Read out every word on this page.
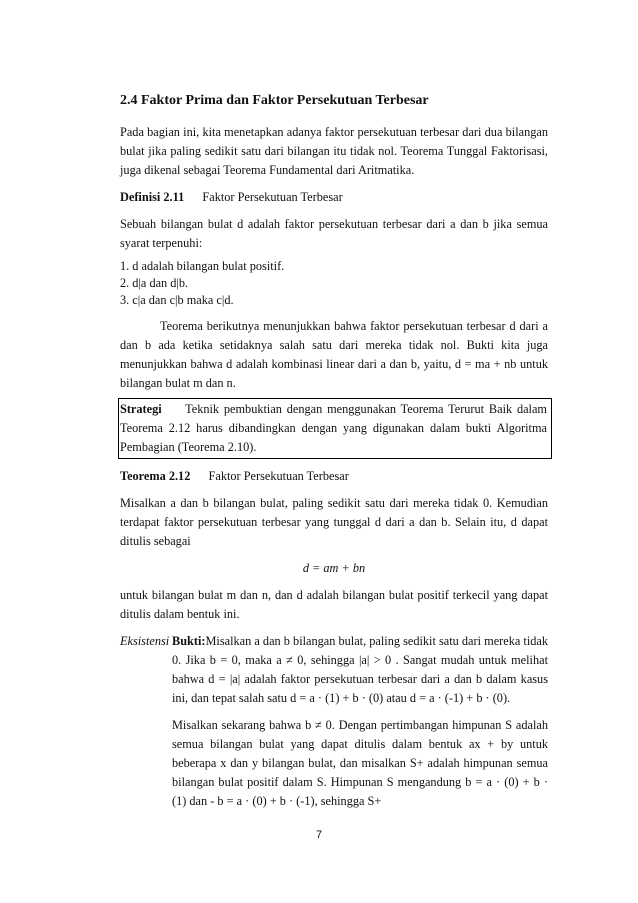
2.4 Faktor Prima dan Faktor Persekutuan Terbesar

Pada bagian ini, kita menetapkan adanya faktor persekutuan terbesar dari dua bilangan bulat jika paling sedikit satu dari bilangan itu tidak nol. Teorema Tunggal Faktorisasi, juga dikenal sebagai Teorema Fundamental dari Aritmatika.

Definisi 2.11 Faktor Persekutuan Terbesar

Sebuah bilangan bulat d adalah faktor persekutuan terbesar dari a dan b jika semua syarat terpenuhi:

1. d adalah bilangan bulat positif.
2. d|a dan d|b.
3. c|a dan c|b maka c|d.

Teorema berikutnya menunjukkan bahwa faktor persekutuan terbesar d dari a dan b ada ketika setidaknya salah satu dari mereka tidak nol. Bukti kita juga menunjukkan bahwa d adalah kombinasi linear dari a dan b, yaitu, d = ma + nb untuk bilangan bulat m dan n.

Strategi Teknik pembuktian dengan menggunakan Teorema Terurut Baik dalam Teorema 2.12 harus dibandingkan dengan yang digunakan dalam bukti Algoritma Pembagian (Teorema 2.10).

Teorema 2.12 Faktor Persekutuan Terbesar

Misalkan a dan b bilangan bulat, paling sedikit satu dari mereka tidak 0. Kemudian terdapat faktor persekutuan terbesar yang tunggal d dari a dan b. Selain itu, d dapat ditulis sebagai

d = am + bn

untuk bilangan bulat m dan n, dan d adalah bilangan bulat positif terkecil yang dapat ditulis dalam bentuk ini.

Eksistensi Bukti:Misalkan a dan b bilangan bulat, paling sedikit satu dari mereka tidak 0. Jika b = 0, maka a ≠ 0, sehingga |a| > 0 . Sangat mudah untuk melihat bahwa d = |a| adalah faktor persekutuan terbesar dari a dan b dalam kasus ini, dan tepat salah satu d = a · (1) + b · (0) atau d = a · (-1) + b · (0).

Misalkan sekarang bahwa b ≠ 0. Dengan pertimbangan himpunan S adalah semua bilangan bulat yang dapat ditulis dalam bentuk ax + by untuk beberapa x dan y bilangan bulat, dan misalkan S+ adalah himpunan semua bilangan bulat positif dalam S. Himpunan S mengandung b = a · (0) + b · (1) dan - b = a · (0) + b · (-1), sehingga S+

7
